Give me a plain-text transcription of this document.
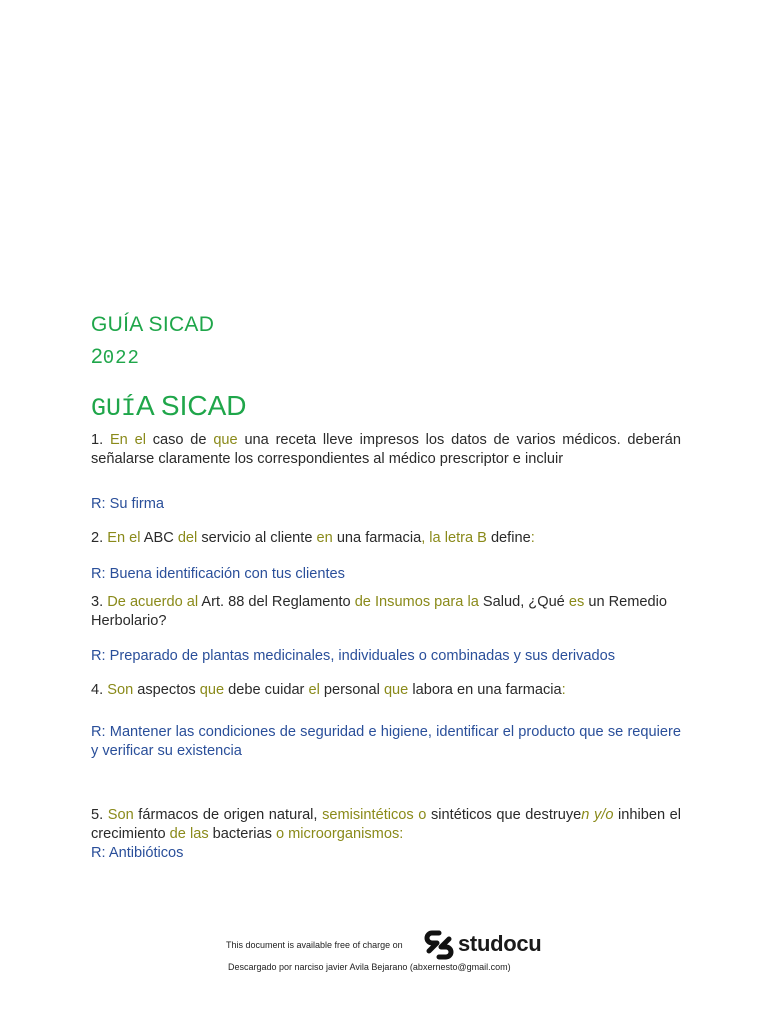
GUÍA SICAD
2022
GUÍA SICAD
1. En el caso de que una receta lleve impresos los datos de varios médicos. deberán señalarse claramente los correspondientes al médico prescriptor e incluir
R: Su firma
2. En el ABC del servicio al cliente en una farmacia, la letra B define:
R: Buena identificación con tus clientes
3. De acuerdo al Art. 88 del Reglamento de Insumos para la Salud, ¿Qué es un Remedio Herbolario?
R: Preparado de plantas medicinales, individuales o combinadas y sus derivados
4. Son aspectos que debe cuidar el personal que labora en una farmacia:
R: Mantener las condiciones de seguridad e higiene, identificar el producto que se requiere y verificar su existencia
5. Son fármacos de origen natural, semisintéticos o sintéticos que destruyen y/o inhiben el crecimiento de las bacterias o microorganismos:
R: Antibióticos
This document is available free of charge on	studocu
Descargado por narciso javier Avila Bejarano (abxernesto@gmail.com)
